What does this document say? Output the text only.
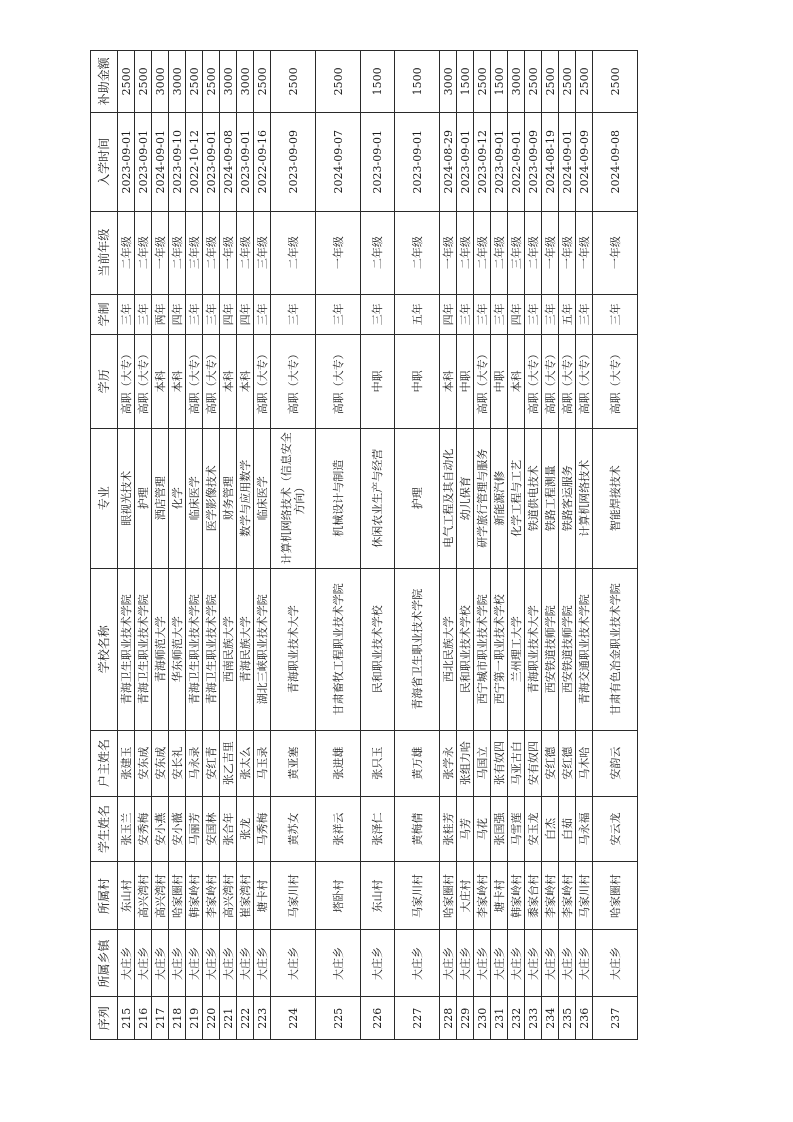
序列	所属乡镇	所属村	学生姓名	户主姓名	学校名称	专业	学历	学制	当前年级	入学时间	补助金额
215	大庄乡	东山村	张玉兰	张建玉	青海卫生职业技术学院	眼视光技术	高职（大专）	三年	二年级	2023-09-01	2500
216	大庄乡	高兴湾村	安秀梅	安东成	青海卫生职业技术学院	护理	高职（大专）	三年	二年级	2023-09-01	2500
217	大庄乡	高兴湾村	安小燕	安东成	青海师范大学	酒店管理	本科	两年	一年级	2024-09-01	3000
218	大庄乡	哈家圈村	安小薇	安长礼	华东师范大学	化学	本科	四年	二年级	2023-09-10	3000
219	大庄乡	韩家岭村	马丽芳	马永录	青海卫生职业技术学院	临床医学	高职（大专）	三年	三年级	2022-10-12	2500
220	大庄乡	李家岭村	安国林	安红青	青海卫生职业技术学院	医学影像技术	高职（大专）	三年	二年级	2023-09-01	2500
221	大庄乡	高兴湾村	张合年	张乙吉里	西南民族大学	财务管理	本科	四年	一年级	2024-09-08	3000
222	大庄乡	崔家湾村	张龙	张太么	青海民族大学	数学与应用数学	本科	四年	二年级	2023-09-01	3000
223	大庄乡	塘卡村	马秀梅	马玉录	湖北三峡职业技术学院	临床医学	高职（大专）	三年	三年级	2022-09-16	2500
224	大庄乡	马家川村	黄苏女	黄亚塞	青海职业技术大学	计算机网络技术（信息安全方向）	高职（大专）	三年	二年级	2023-09-09	2500
225	大庄乡	塔卧村	张祥云	张进雄	甘肃畜牧工程职业技术学院	机械设计与制造	高职（大专）	三年	一年级	2024-09-07	2500
226	大庄乡	东山村	张泽仁	张只玉	民和职业技术学校	休闲农业生产与经营	中职	三年	二年级	2023-09-01	1500
227	大庄乡	马家川村	黄梅倩	黄万雄	青海省卫生职业技术学院	护理	中职	五年	二年级	2023-09-01	1500
228	大庄乡	哈家圈村	张桂芳	张学永	西北民族大学	电气工程及其自动化	本科	四年	一年级	2024-08-29	3000
229	大庄乡	大庄村	马芳	张组力哈	民和职业技术学校	幼儿保育	中职	三年	二年级	2023-09-01	1500
230	大庄乡	李家岭村	马花	马国立	西宁城市职业技术学院	研学旅行管理与服务	高职（大专）	三年	二年级	2023-09-12	2500
231	大庄乡	塘卡村	张国强	张有奴四	西宁第一职业技术学校	新能源汽修	中职	三年	二年级	2023-09-01	1500
232	大庄乡	韩家岭村	马雪莲	马亚古白	兰州理工大学	化学工程与工艺	本科	四年	三年级	2022-09-01	3000
233	大庄乡	黍家台村	安玉龙	安有奴四	青海职业技术大学	铁道供电技术	高职（大专）	三年	二年级	2023-09-09	2500
234	大庄乡	李家岭村	白杰	安红德	西安铁道技师学院	铁路工程测量	高职（大专）	三年	一年级	2024-08-19	2500
235	大庄乡	李家岭村	白茹	安红德	西安铁道技师学院	铁路客运服务	高职（大专）	五年	一年级	2024-09-01	2500
236	大庄乡	马家川村	马永福	马木哈	青海交通职业技术学院	计算机网络技术	高职（大专）	三年	一年级	2024-09-09	2500
237	大庄乡	哈家圈村	安云龙	安韵云	甘肃有色冶金职业技术学院	智能焊接技术	高职（大专）	三年	一年级	2024-09-08	2500
